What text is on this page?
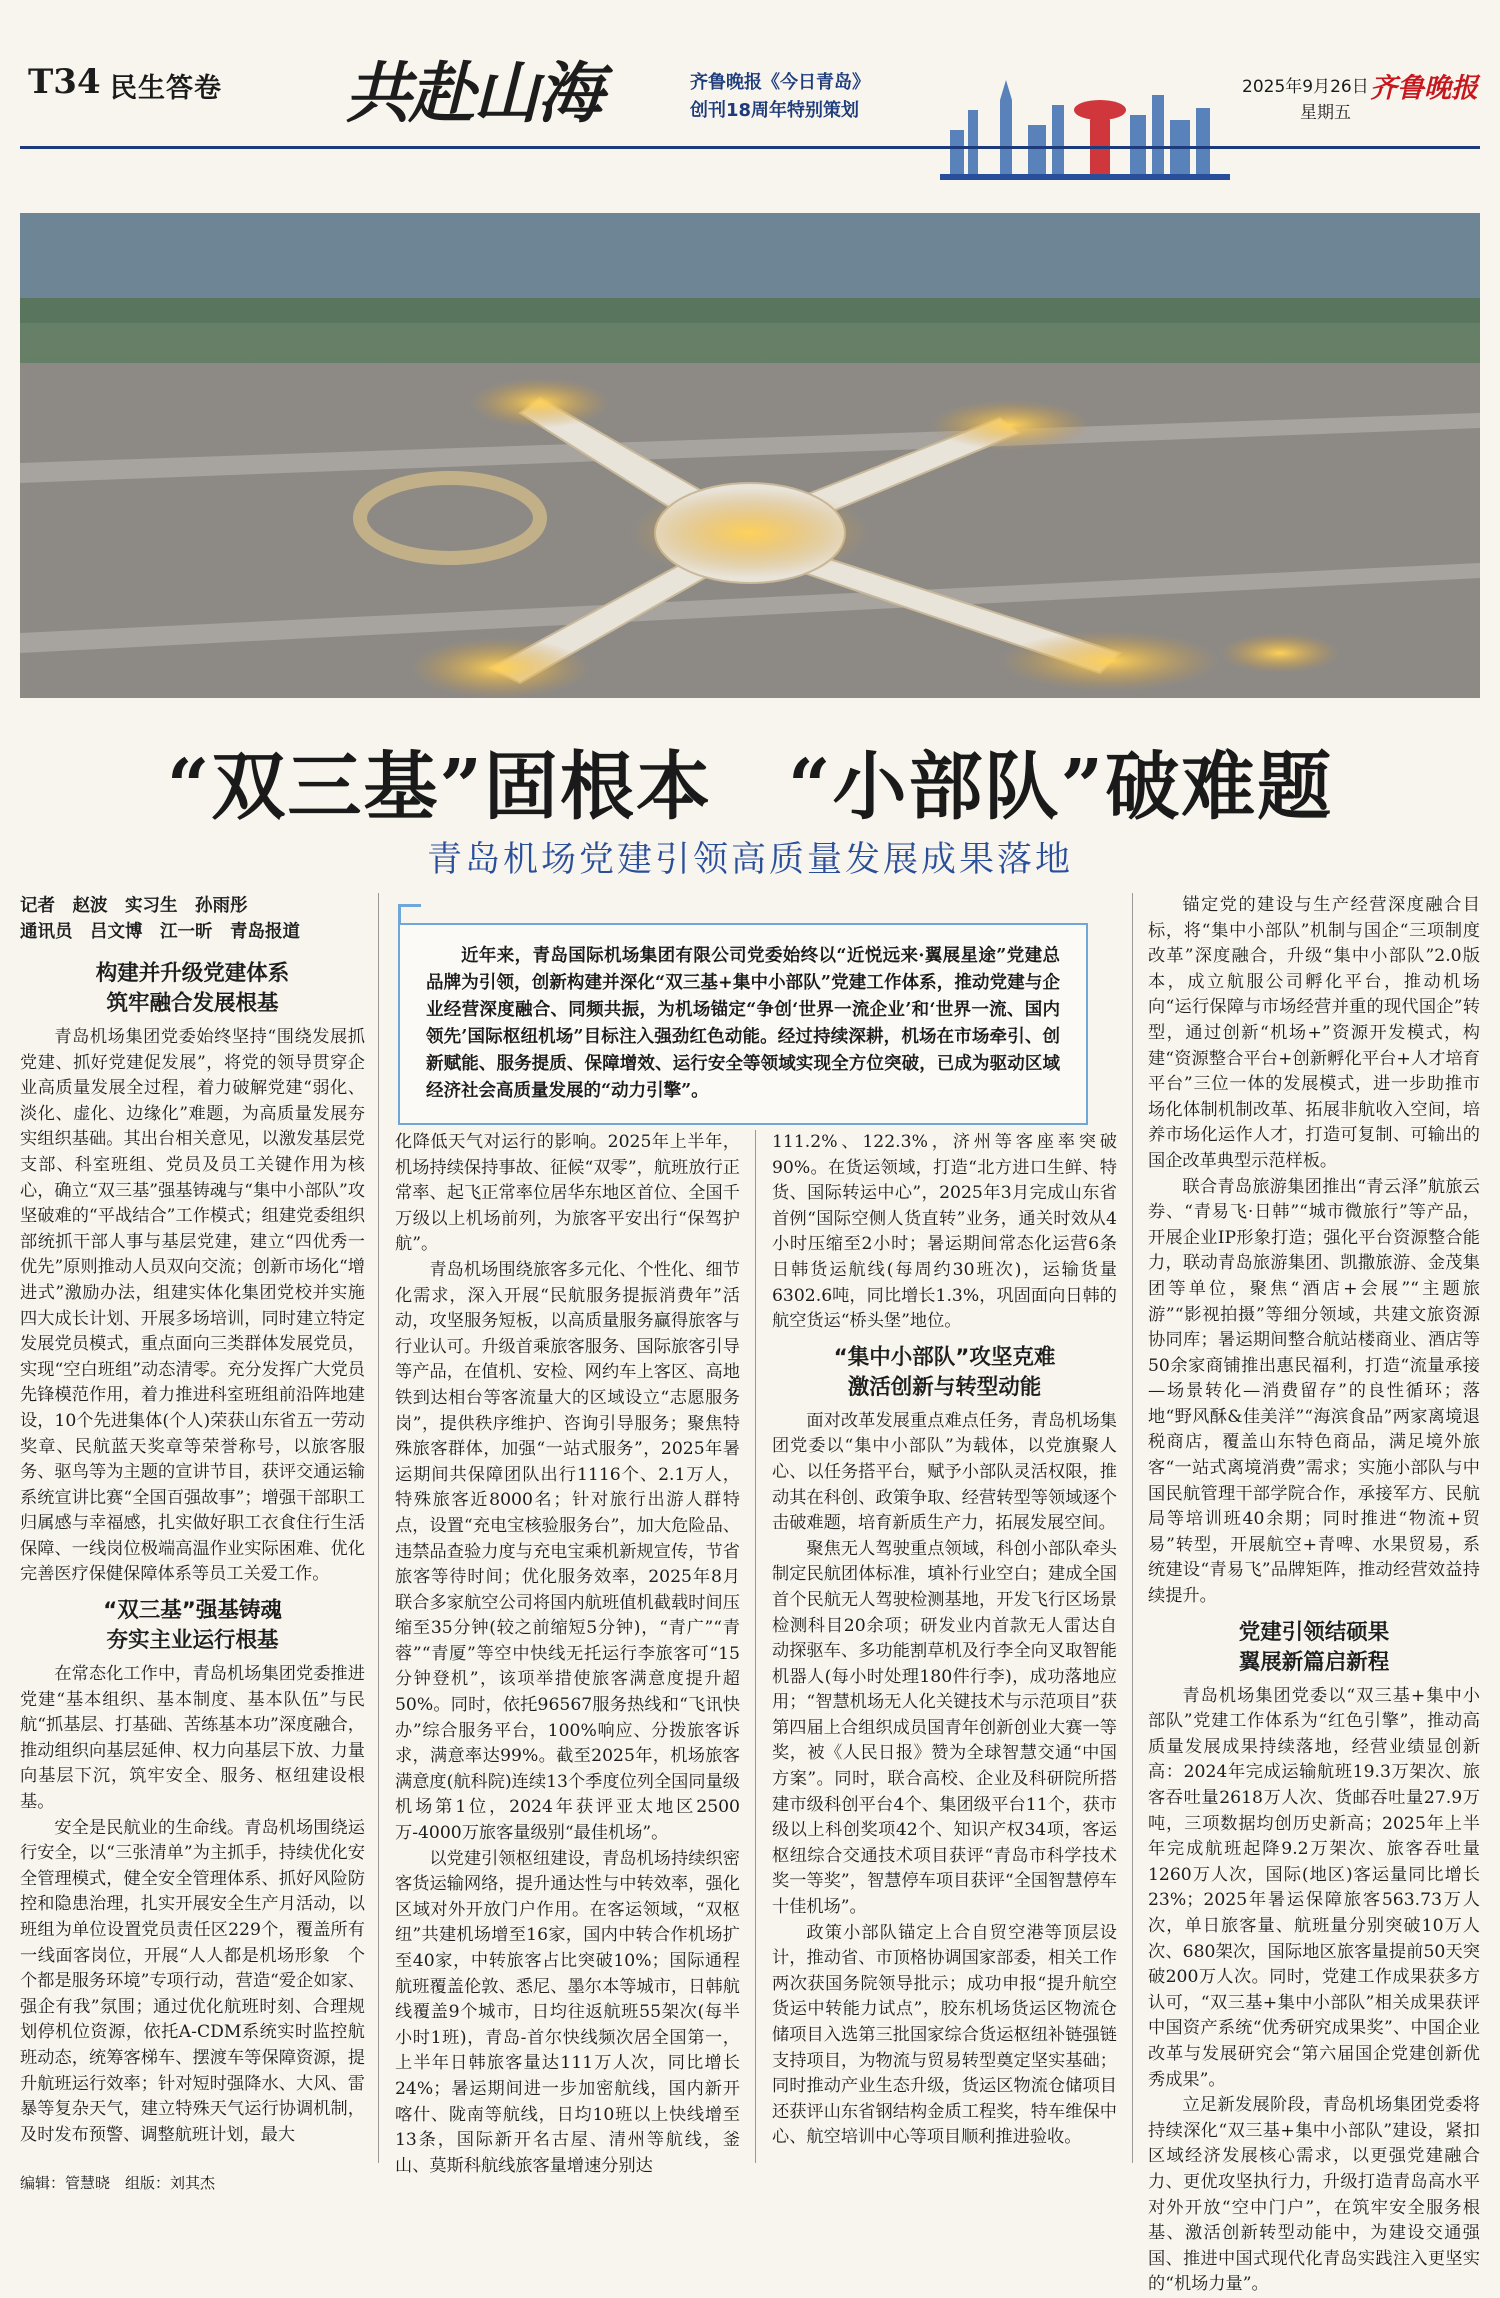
T34 民生答卷 共赴山海	齐鲁晚报《今日青岛》
创刊18周年特别策划
2025年9月26日
星期五
齐鲁晚报
“双三基”固根本　“小部队”破难题
青岛机场党建引领高质量发展成果落地
近年来，青岛国际机场集团有限公司党委始终以“近悦远来·翼展星途”党建总品牌为引领，创新构建并深化“双三基+集中小部队”党建工作体系，推动党建与企业经营深度融合、同频共振，为机场锚定“争创‘世界一流企业’和‘世界一流、国内领先’国际枢纽机场”目标注入强劲红色动能。经过持续深耕，机场在市场牵引、创新赋能、服务提质、保障增效、运行安全等领域实现全方位突破，已成为驱动区域经济社会高质量发展的“动力引擎”。
记者　赵波　实习生　孙雨彤
通讯员　吕文博　江一昕　青岛报道
构建并升级党建体系
筑牢融合发展根基

青岛机场集团党委始终坚持“围绕发展抓党建、抓好党建促发展”，将党的领导贯穿企业高质量发展全过程，着力破解党建“弱化、淡化、虚化、边缘化”难题，为高质量发展夯实组织基础。其出台相关意见，以激发基层党支部、科室班组、党员及员工关键作用为核心，确立“双三基”强基铸魂与“集中小部队”攻坚破难的“平战结合”工作模式；组建党委组织部统抓干部人事与基层党建，建立“四优秀一优先”原则推动人员双向交流；创新市场化“增进式”激励办法，组建实体化集团党校并实施四大成长计划、开展多场培训，同时建立特定发展党员模式，重点面向三类群体发展党员，实现“空白班组”动态清零。充分发挥广大党员先锋模范作用，着力推进科室班组前沿阵地建设，10个先进集体(个人)荣获山东省五一劳动奖章、民航蓝天奖章等荣誉称号，以旅客服务、驱鸟等为主题的宣讲节目，获评交通运输系统宣讲比赛“全国百强故事”；增强干部职工归属感与幸福感，扎实做好职工衣食住行生活保障、一线岗位极端高温作业实际困难、优化完善医疗保健保障体系等员工关爱工作。

“双三基”强基铸魂
夯实主业运行根基

在常态化工作中，青岛机场集团党委推进党建“基本组织、基本制度、基本队伍”与民航“抓基层、打基础、苦练基本功”深度融合，推动组织向基层延伸、权力向基层下放、力量向基层下沉，筑牢安全、服务、枢纽建设根基。

安全是民航业的生命线。青岛机场围绕运行安全，以“三张清单”为主抓手，持续优化安全管理模式，健全安全管理体系、抓好风险防控和隐患治理，扎实开展安全生产月活动，以班组为单位设置党员责任区229个，覆盖所有一线面客岗位，开展“人人都是机场形象　个个都是服务环境”专项行动，营造“爱企如家、强企有我”氛围；通过优化航班时刻、合理规划停机位资源，依托A-CDM系统实时监控航班动态，统筹客梯车、摆渡车等保障资源，提升航班运行效率；针对短时强降水、大风、雷暴等复杂天气，建立特殊天气运行协调机制，及时发布预警、调整航班计划，最大

化降低天气对运行的影响。2025年上半年，机场持续保持事故、征候“双零”，航班放行正常率、起飞正常率位居华东地区首位、全国千万级以上机场前列，为旅客平安出行“保驾护航”。

青岛机场围绕旅客多元化、个性化、细节化需求，深入开展“民航服务提振消费年”活动，攻坚服务短板，以高质量服务赢得旅客与行业认可。升级首乘旅客服务、国际旅客引导等产品，在值机、安检、网约车上客区、高地铁到达相台等客流量大的区域设立“志愿服务岗”，提供秩序维护、咨询引导服务；聚焦特殊旅客群体，加强“一站式服务”，2025年暑运期间共保障团队出行1116个、2.1万人，特殊旅客近8000名；针对旅行出游人群特点，设置“充电宝核验服务台”，加大危险品、违禁品查验力度与充电宝乘机新规宣传，节省旅客等待时间；优化服务效率，2025年8月联合多家航空公司将国内航班值机截载时间压缩至35分钟(较之前缩短5分钟)，“青广”“青蓉”“青厦”等空中快线无托运行李旅客可“15分钟登机”，该项举措使旅客满意度提升超50%。同时，依托96567服务热线和“飞讯快办”综合服务平台，100%响应、分拨旅客诉求，满意率达99%。截至2025年，机场旅客满意度(航科院)连续13个季度位列全国同量级机场第1位，2024年获评亚太地区2500万-4000万旅客量级别“最佳机场”。

以党建引领枢纽建设，青岛机场持续织密客货运输网络，提升通达性与中转效率，强化区域对外开放门户作用。在客运领域，“双枢纽”共建机场增至16家，国内中转合作机场扩至40家，中转旅客占比突破10%；国际通程航班覆盖伦敦、悉尼、墨尔本等城市，日韩航线覆盖9个城市，日均往返航班55架次(每半小时1班)，青岛-首尔快线频次居全国第一，上半年日韩旅客量达111万人次，同比增长24%；暑运期间进一步加密航线，国内新开喀什、陇南等航线，日均10班以上快线增至13条，国际新开名古屋、清州等航线，釜山、莫斯科航线旅客量增速分别达

111.2%、122.3%，济州等客座率突破90%。在货运领域，打造“北方进口生鲜、特货、国际转运中心”，2025年3月完成山东省首例“国际空侧人货直转”业务，通关时效从4小时压缩至2小时；暑运期间常态化运营6条日韩货运航线(每周约30班次)，运输货量6302.6吨，同比增长1.3%，巩固面向日韩的航空货运“桥头堡”地位。

“集中小部队”攻坚克难
激活创新与转型动能

面对改革发展重点难点任务，青岛机场集团党委以“集中小部队”为载体，以党旗聚人心、以任务搭平台，赋予小部队灵活权限，推动其在科创、政策争取、经营转型等领域逐个击破难题，培育新质生产力，拓展发展空间。

聚焦无人驾驶重点领域，科创小部队牵头制定民航团体标准，填补行业空白；建成全国首个民航无人驾驶检测基地，开发飞行区场景检测科目20余项；研发业内首款无人雷达自动探驱车、多功能割草机及行李全向叉取智能机器人(每小时处理180件行李)，成功落地应用；“智慧机场无人化关键技术与示范项目”获第四届上合组织成员国青年创新创业大赛一等奖，被《人民日报》赞为全球智慧交通“中国方案”。同时，联合高校、企业及科研院所搭建市级科创平台4个、集团级平台11个，获市级以上科创奖项42个、知识产权34项，客运枢纽综合交通技术项目获评“青岛市科学技术奖一等奖”，智慧停车项目获评“全国智慧停车十佳机场”。

政策小部队锚定上合自贸空港等顶层设计，推动省、市顶格协调国家部委，相关工作两次获国务院领导批示；成功申报“提升航空货运中转能力试点”，胶东机场货运区物流仓储项目入选第三批国家综合货运枢纽补链强链支持项目，为物流与贸易转型奠定坚实基础；同时推动产业生态升级，货运区物流仓储项目还获评山东省钢结构金质工程奖，特车维保中心、航空培训中心等项目顺利推进验收。

锚定党的建设与生产经营深度融合目标，将“集中小部队”机制与国企“三项制度改革”深度融合，升级“集中小部队”2.0版本，成立航服公司孵化平台，推动机场向“运行保障与市场经营并重的现代国企”转型，通过创新“机场+”资源开发模式，构建“资源整合平台+创新孵化平台+人才培育平台”三位一体的发展模式，进一步助推市场化体制机制改革、拓展非航收入空间，培养市场化运作人才，打造可复制、可输出的国企改革典型示范样板。

联合青岛旅游集团推出“青云泽”航旅云券、“青易飞·日韩”“城市微旅行”等产品，开展企业IP形象打造；强化平台资源整合能力，联动青岛旅游集团、凯撒旅游、金茂集团等单位，聚焦“酒店+会展”“主题旅游”“影视拍摄”等细分领域，共建文旅资源协同库；暑运期间整合航站楼商业、酒店等50余家商铺推出惠民福利，打造“流量承接—场景转化—消费留存”的良性循环；落地“野风酥&佳美洋”“海滨食品”两家离境退税商店，覆盖山东特色商品，满足境外旅客“一站式离境消费”需求；实施小部队与中国民航管理干部学院合作，承接军方、民航局等培训班40余期；同时推进“物流+贸易”转型，开展航空+青啤、水果贸易，系统建设“青易飞”品牌矩阵，推动经营效益持续提升。

党建引领结硕果
翼展新篇启新程

青岛机场集团党委以“双三基+集中小部队”党建工作体系为“红色引擎”，推动高质量发展成果持续落地，经营业绩显创新高：2024年完成运输航班19.3万架次、旅客吞吐量2618万人次、货邮吞吐量27.9万吨，三项数据均创历史新高；2025年上半年完成航班起降9.2万架次、旅客吞吐量1260万人次，国际(地区)客运量同比增长23%；2025年暑运保障旅客563.73万人次，单日旅客量、航班量分别突破10万人次、680架次，国际地区旅客量提前50天突破200万人次。同时，党建工作成果获多方认可，“双三基+集中小部队”相关成果获评中国资产系统“优秀研究成果奖”、中国企业改革与发展研究会“第六届国企党建创新优秀成果”。

立足新发展阶段，青岛机场集团党委将持续深化“双三基+集中小部队”建设，紧扣区域经济发展核心需求，以更强党建融合力、更优攻坚执行力，升级打造青岛高水平对外开放“空中门户”，在筑牢安全服务根基、激活创新转型动能中，为建设交通强国、推进中国式现代化青岛实践注入更坚实的“机场力量”。

编辑：管慧晓　组版：刘其杰
